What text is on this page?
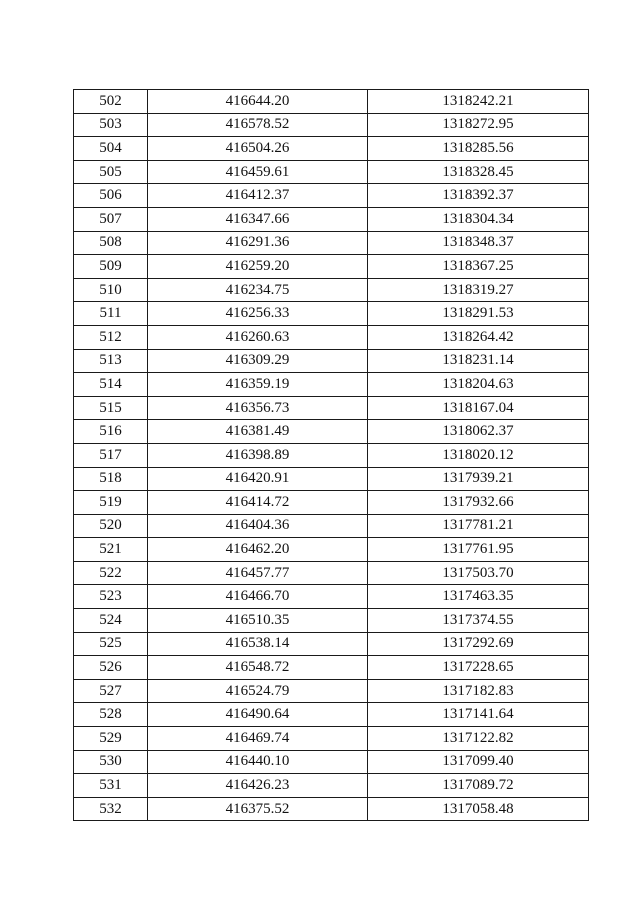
502	416644.20	1318242.21
503	416578.52	1318272.95
504	416504.26	1318285.56
505	416459.61	1318328.45
506	416412.37	1318392.37
507	416347.66	1318304.34
508	416291.36	1318348.37
509	416259.20	1318367.25
510	416234.75	1318319.27
511	416256.33	1318291.53
512	416260.63	1318264.42
513	416309.29	1318231.14
514	416359.19	1318204.63
515	416356.73	1318167.04
516	416381.49	1318062.37
517	416398.89	1318020.12
518	416420.91	1317939.21
519	416414.72	1317932.66
520	416404.36	1317781.21
521	416462.20	1317761.95
522	416457.77	1317503.70
523	416466.70	1317463.35
524	416510.35	1317374.55
525	416538.14	1317292.69
526	416548.72	1317228.65
527	416524.79	1317182.83
528	416490.64	1317141.64
529	416469.74	1317122.82
530	416440.10	1317099.40
531	416426.23	1317089.72
532	416375.52	1317058.48
